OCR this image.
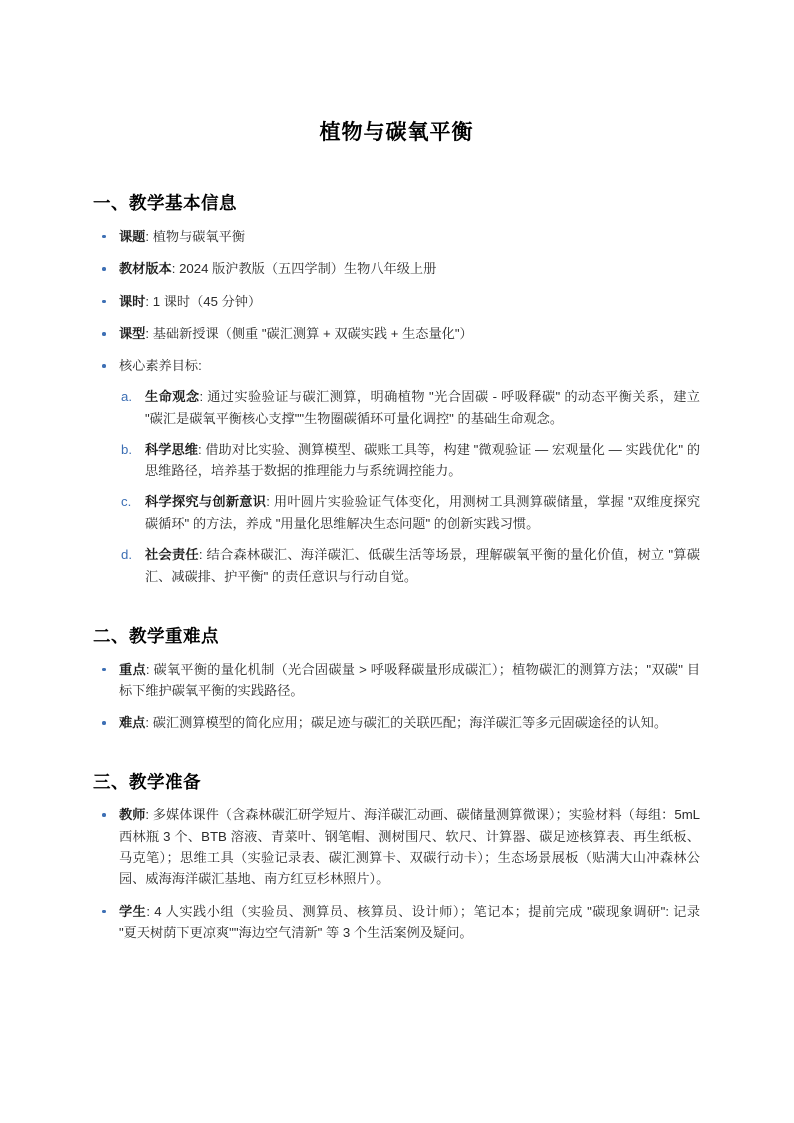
植物与碳氧平衡
一、教学基本信息
课题: 植物与碳氧平衡
教材版本: 2024 版沪教版（五四学制）生物八年级上册
课时: 1 课时（45 分钟）
课型: 基础新授课（侧重 "碳汇测算 + 双碳实践 + 生态量化"）
核心素养目标:
生命观念: 通过实验验证与碳汇测算，明确植物 "光合固碳 - 呼吸释碳" 的动态平衡关系，建立 "碳汇是碳氧平衡核心支撑""生物圈碳循环可量化调控" 的基础生命观念。
科学思维: 借助对比实验、测算模型、碳账工具等，构建 "微观验证 — 宏观量化 — 实践优化" 的思维路径，培养基于数据的推理能力与系统调控能力。
科学探究与创新意识: 用叶圆片实验验证气体变化，用测树工具测算碳储量，掌握 "双维度探究碳循环" 的方法，养成 "用量化思维解决生态问题" 的创新实践习惯。
社会责任: 结合森林碳汇、海洋碳汇、低碳生活等场景，理解碳氧平衡的量化价值，树立 "算碳汇、减碳排、护平衡" 的责任意识与行动自觉。
二、教学重难点
重点: 碳氧平衡的量化机制（光合固碳量 > 呼吸释碳量形成碳汇）；植物碳汇的测算方法；"双碳" 目标下维护碳氧平衡的实践路径。
难点: 碳汇测算模型的简化应用；碳足迹与碳汇的关联匹配；海洋碳汇等多元固碳途径的认知。
三、教学准备
教师: 多媒体课件（含森林碳汇研学短片、海洋碳汇动画、碳储量测算微课）；实验材料（每组：5mL 西林瓶 3 个、BTB 溶液、青菜叶、钢笔帽、测树围尺、软尺、计算器、碳足迹核算表、再生纸板、马克笔）；思维工具（实验记录表、碳汇测算卡、双碳行动卡）；生态场景展板（贴满大山冲森林公园、威海海洋碳汇基地、南方红豆杉林照片）。
学生: 4 人实践小组（实验员、测算员、核算员、设计师）；笔记本；提前完成 "碳现象调研": 记录 "夏天树荫下更凉爽""海边空气清新" 等 3 个生活案例及疑问。
